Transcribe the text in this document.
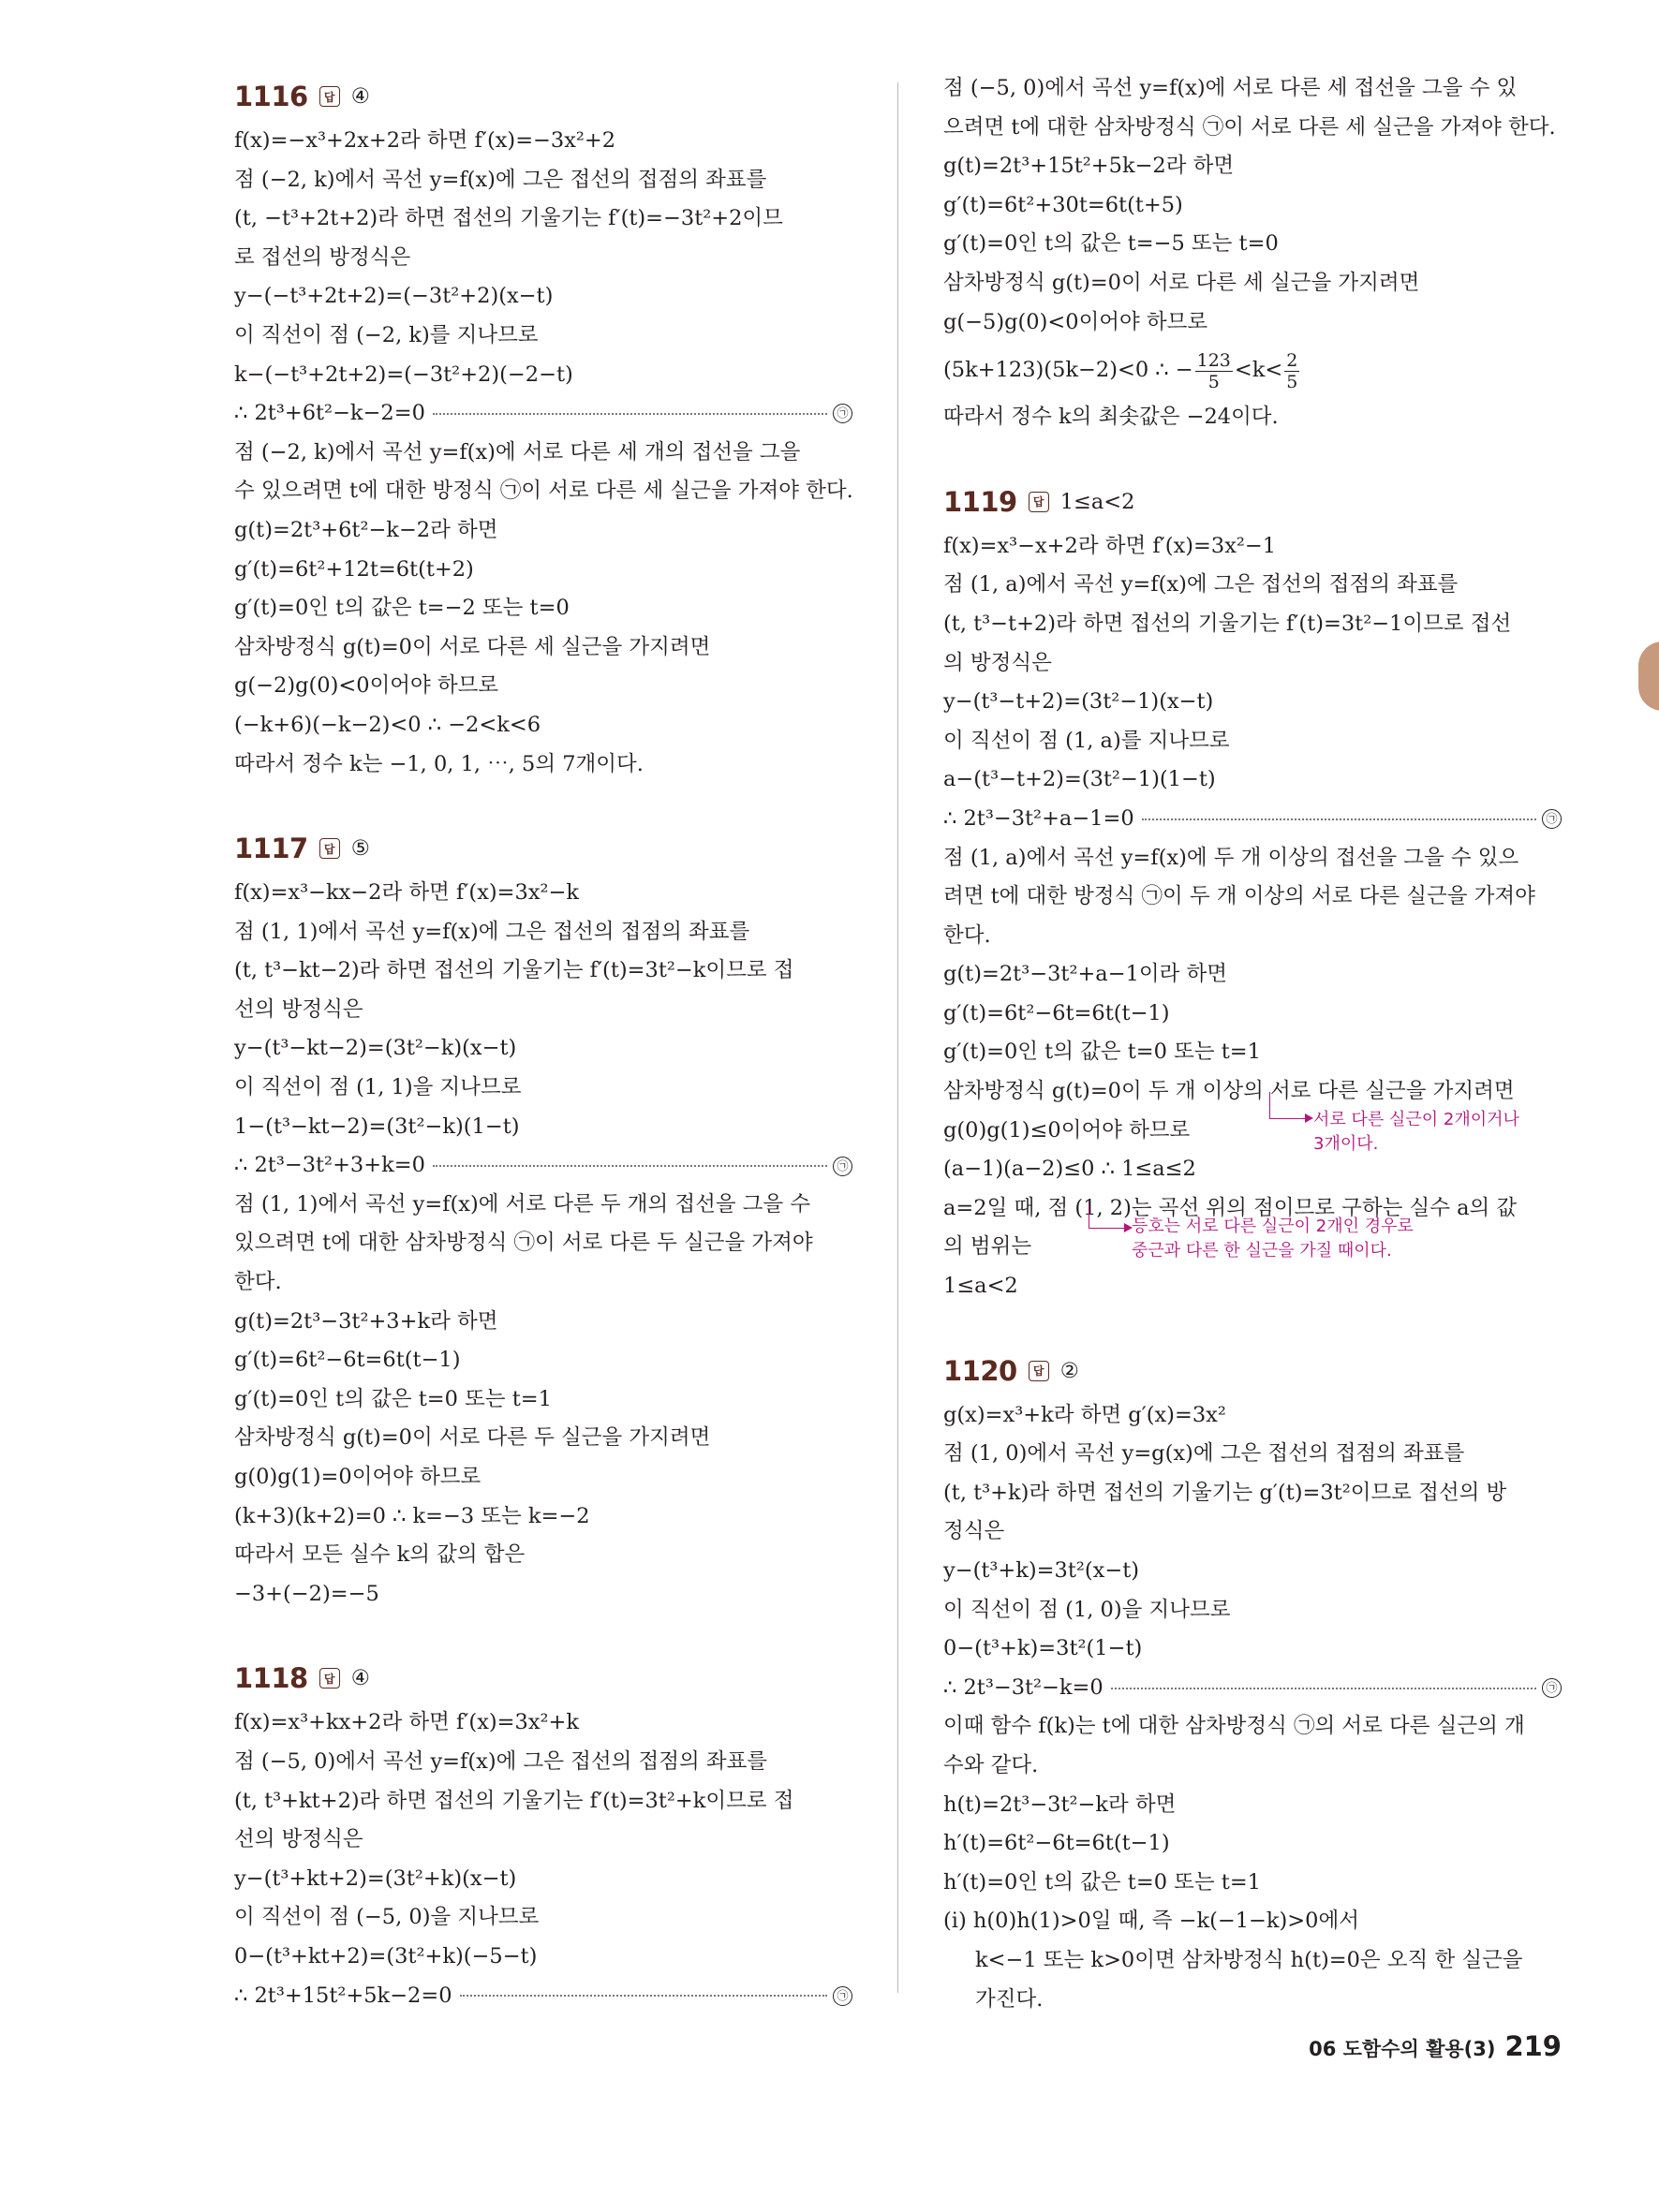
1116	답 ④
f(x)=−x³+2x+2라 하면 f′(x)=−3x²+2
점 (−2, k)에서 곡선 y=f(x)에 그은 접선의 접점의 좌표를
(t, −t³+2t+2)라 하면 접선의 기울기는 f′(t)=−3t²+2이므
로 접선의 방정식은
y−(−t³+2t+2)=(−3t²+2)(x−t)
이 직선이 점 (−2, k)를 지나므로
k−(−t³+2t+2)=(−3t²+2)(−2−t)
∴ 2t³+6t²−k−2=0	㉠
점 (−2, k)에서 곡선 y=f(x)에 서로 다른 세 개의 접선을 그을
수 있으려면 t에 대한 방정식 ㉠이 서로 다른 세 실근을 가져야 한다.
g(t)=2t³+6t²−k−2라 하면
g′(t)=6t²+12t=6t(t+2)
g′(t)=0인 t의 값은 t=−2 또는 t=0
삼차방정식 g(t)=0이 서로 다른 세 실근을 가지려면
g(−2)g(0)<0이어야 하므로
(−k+6)(−k−2)<0 ∴ −2<k<6
따라서 정수 k는 −1, 0, 1, ⋯, 5의 7개이다.
1117	답 ⑤
f(x)=x³−kx−2라 하면 f′(x)=3x²−k
점 (1, 1)에서 곡선 y=f(x)에 그은 접선의 접점의 좌표를
(t, t³−kt−2)라 하면 접선의 기울기는 f′(t)=3t²−k이므로 접
선의 방정식은
y−(t³−kt−2)=(3t²−k)(x−t)
이 직선이 점 (1, 1)을 지나므로
1−(t³−kt−2)=(3t²−k)(1−t)
∴ 2t³−3t²+3+k=0	㉠
점 (1, 1)에서 곡선 y=f(x)에 서로 다른 두 개의 접선을 그을 수
있으려면 t에 대한 삼차방정식 ㉠이 서로 다른 두 실근을 가져야
한다.
g(t)=2t³−3t²+3+k라 하면
g′(t)=6t²−6t=6t(t−1)
g′(t)=0인 t의 값은 t=0 또는 t=1
삼차방정식 g(t)=0이 서로 다른 두 실근을 가지려면
g(0)g(1)=0이어야 하므로
(k+3)(k+2)=0 ∴ k=−3 또는 k=−2
따라서 모든 실수 k의 값의 합은
−3+(−2)=−5
1118	답 ④
f(x)=x³+kx+2라 하면 f′(x)=3x²+k
점 (−5, 0)에서 곡선 y=f(x)에 그은 접선의 접점의 좌표를
(t, t³+kt+2)라 하면 접선의 기울기는 f′(t)=3t²+k이므로 접
선의 방정식은
y−(t³+kt+2)=(3t²+k)(x−t)
이 직선이 점 (−5, 0)을 지나므로
0−(t³+kt+2)=(3t²+k)(−5−t)
∴ 2t³+15t²+5k−2=0	㉠
점 (−5, 0)에서 곡선 y=f(x)에 서로 다른 세 접선을 그을 수 있
으려면 t에 대한 삼차방정식 ㉠이 서로 다른 세 실근을 가져야 한다.
g(t)=2t³+15t²+5k−2라 하면
g′(t)=6t²+30t=6t(t+5)
g′(t)=0인 t의 값은 t=−5 또는 t=0
삼차방정식 g(t)=0이 서로 다른 세 실근을 가지려면
g(−5)g(0)<0이어야 하므로
(5k+123)(5k−2)<0 ∴ − $\frac{123}{5} <k< \frac{2}{5}$
따라서 정수 k의 최솟값은 −24이다.
1119	답 1≤a<2
f(x)=x³−x+2라 하면 f′(x)=3x²−1
점 (1, a)에서 곡선 y=f(x)에 그은 접선의 접점의 좌표를
(t, t³−t+2)라 하면 접선의 기울기는 f′(t)=3t²−1이므로 접선
의 방정식은
y−(t³−t+2)=(3t²−1)(x−t)
이 직선이 점 (1, a)를 지나므로
a−(t³−t+2)=(3t²−1)(1−t)
∴ 2t³−3t²+a−1=0	㉠
점 (1, a)에서 곡선 y=f(x)에 두 개 이상의 접선을 그을 수 있으
려면 t에 대한 방정식 ㉠이 두 개 이상의 서로 다른 실근을 가져야
한다.
g(t)=2t³−3t²+a−1이라 하면
g′(t)=6t²−6t=6t(t−1)
g′(t)=0인 t의 값은 t=0 또는 t=1
삼차방정식 g(t)=0이 두 개 이상의 서로 다른 실근을 가지려면
g(0)g(1)≤0이어야 하므로
(a−1)(a−2)≤0 ∴ 1≤a≤2
a=2일 때, 점 (1, 2)는 곡선 위의 점이므로 구하는 실수 a의 값
의 범위는
1≤a<2
1120	답 ②
g(x)=x³+k라 하면 g′(x)=3x²
점 (1, 0)에서 곡선 y=g(x)에 그은 접선의 접점의 좌표를
(t, t³+k)라 하면 접선의 기울기는 g′(t)=3t²이므로 접선의 방
정식은
y−(t³+k)=3t²(x−t)
이 직선이 점 (1, 0)을 지나므로
0−(t³+k)=3t²(1−t)
∴ 2t³−3t²−k=0	㉠
이때 함수 f(k)는 t에 대한 삼차방정식 ㉠의 서로 다른 실근의 개
수와 같다.
h(t)=2t³−3t²−k라 하면
h′(t)=6t²−6t=6t(t−1)
h′(t)=0인 t의 값은 t=0 또는 t=1
(ⅰ) h(0)h(1)>0일 때, 즉 −k(−1−k)>0에서
k<−1 또는 k>0이면 삼차방정식 h(t)=0은 오직 한 실근을
가진다.
서로 다른 실근이 2개이거나
3개이다.
등호는 서로 다른 실근이 2개인 경우로
중근과 다른 한 실근을 가질 때이다.
06 도함수의 활용(3) 219
